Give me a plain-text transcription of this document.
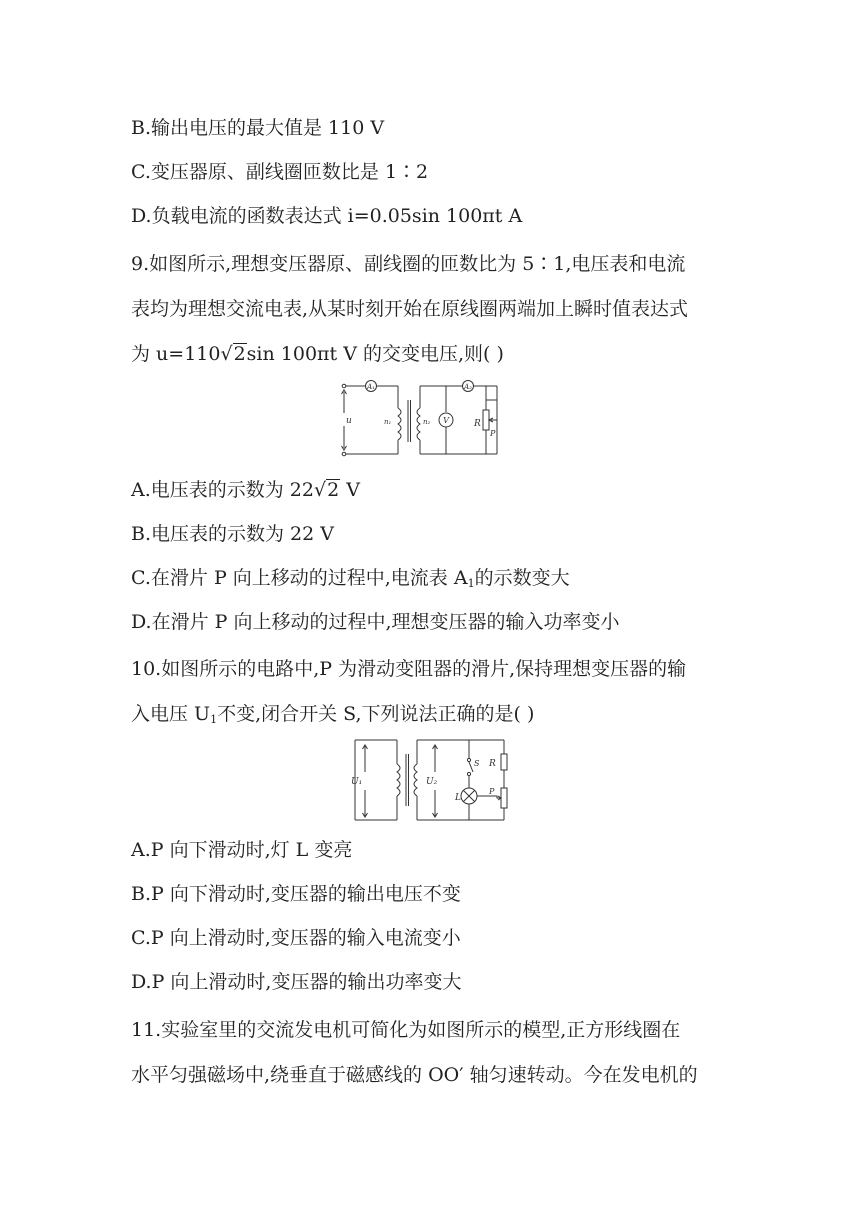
B.输出电压的最大值是 110 V
C.变压器原、副线圈匝数比是 1∶2
D.负载电流的函数表达式 i=0.05sin 100πt A
9.如图所示,理想变压器原、副线圈的匝数比为 5∶1,电压表和电流
表均为理想交流电表,从某时刻开始在原线圈两端加上瞬时值表达式
为 u=110√2sin 100πt V 的交变电压,则( )
A₁
u	n₁	n₂
A₂
V	R
P
A.电压表的示数为 22√2 V
B.电压表的示数为 22 V
C.在滑片 P 向上移动的过程中,电流表 $A_1$的示数变大
D.在滑片 P 向上移动的过程中,理想变压器的输入功率变小
10.如图所示的电路中,P 为滑动变阻器的滑片,保持理想变压器的输
入电压 $U_1$不变,闭合开关 S,下列说法正确的是( )
U₁	U₂
S
L
R
P
A.P 向下滑动时,灯 L 变亮
B.P 向下滑动时,变压器的输出电压不变
C.P 向上滑动时,变压器的输入电流变小
D.P 向上滑动时,变压器的输出功率变大
11.实验室里的交流发电机可简化为如图所示的模型,正方形线圈在
水平匀强磁场中,绕垂直于磁感线的 OO′ 轴匀速转动。今在发电机的
